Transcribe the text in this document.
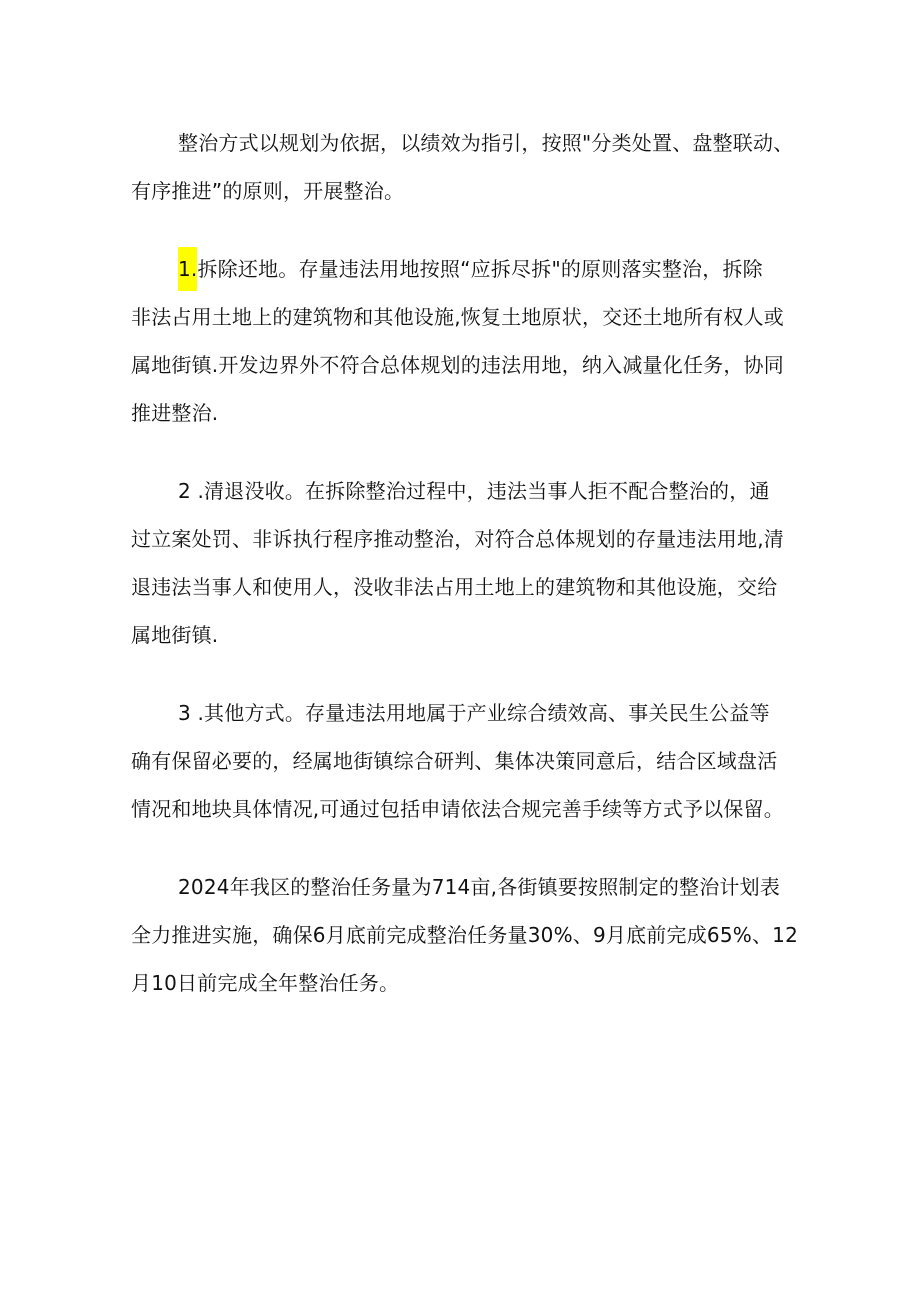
整治方式以规划为依据，以绩效为指引，按照"分类处置、盘整联动、
有序推进”的原则，开展整治。

1.拆除还地。存量违法用地按照“应拆尽拆"的原则落实整治，拆除
非法占用土地上的建筑物和其他设施,恢复土地原状，交还土地所有权人或
属地街镇.开发边界外不符合总体规划的违法用地，纳入减量化任务，协同
推进整治.

2 .清退没收。在拆除整治过程中，违法当事人拒不配合整治的，通
过立案处罚、非诉执行程序推动整治，对符合总体规划的存量违法用地,清
退违法当事人和使用人，没收非法占用土地上的建筑物和其他设施，交给
属地街镇.

3 .其他方式。存量违法用地属于产业综合绩效高、事关民生公益等
确有保留必要的，经属地街镇综合研判、集体决策同意后，结合区域盘活
情况和地块具体情况,可通过包括申请依法合规完善手续等方式予以保留。

2024年我区的整治任务量为714亩,各街镇要按照制定的整治计划表
全力推进实施，确保6月底前完成整治任务量30%、9月底前完成65%、12
月10日前完成全年整治任务。
